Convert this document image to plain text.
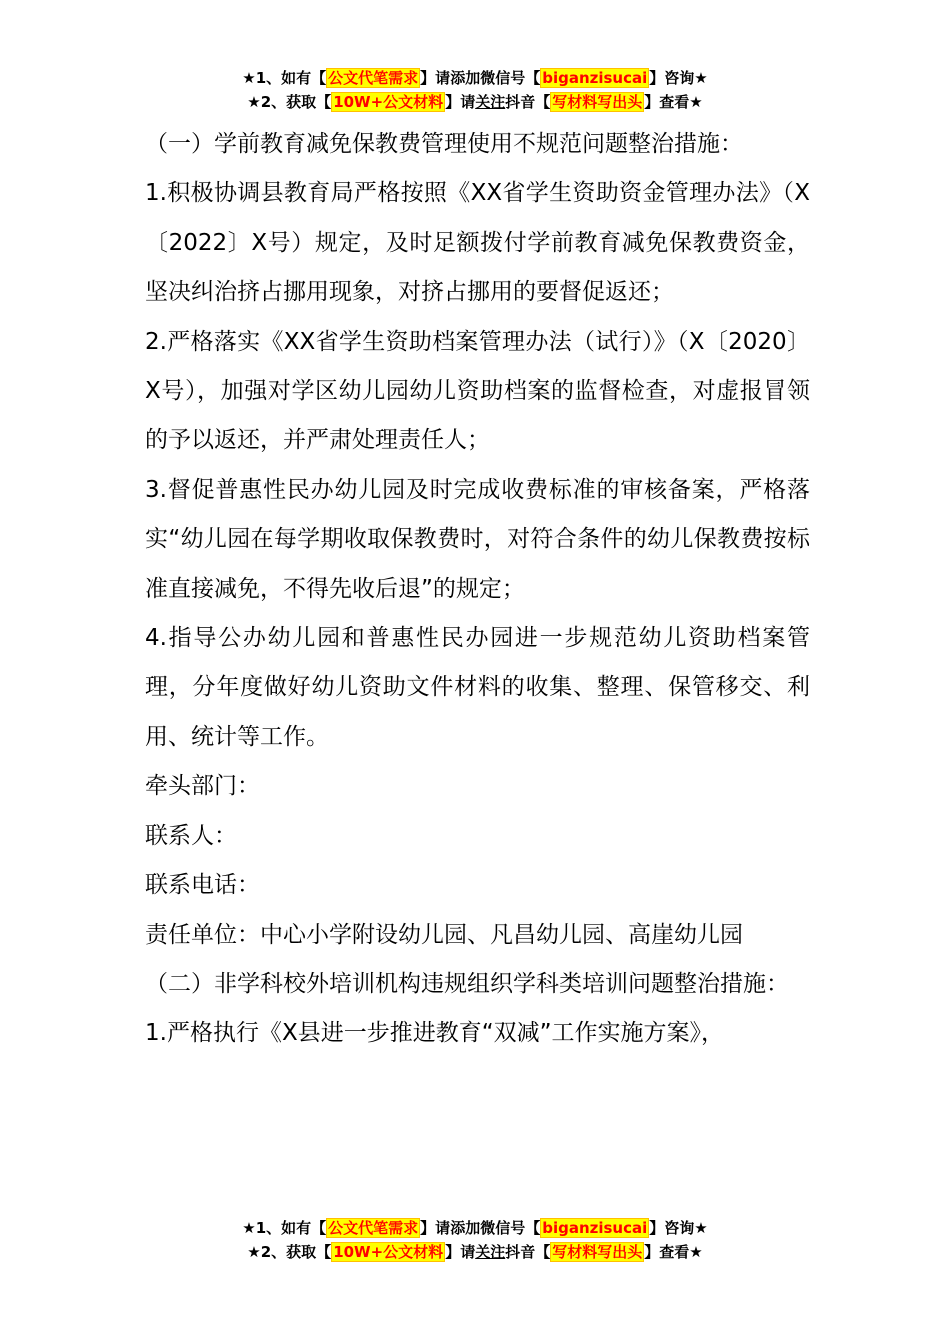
★1、如有【 公文代笔需求 】请添加微信号【 biganzisucai 】咨询★
★2、获取【 10W+公文材料 】请关注抖音【 写材料写出头 】查看★

（一）学前教育减免保教费管理使用不规范问题整治措施：

1.积极协调县教育局严格按照《XX省学生资助资金管理办法》（X〔2022〕X号）规定，及时足额拨付学前教育减免保教费资金，坚决纠治挤占挪用现象，对挤占挪用的要督促返还；

2.严格落实《XX省学生资助档案管理办法（试行）》（X〔2020〕X号），加强对学区幼儿园幼儿资助档案的监督检查，对虚报冒领的予以返还，并严肃处理责任人；

3.督促普惠性民办幼儿园及时完成收费标准的审核备案，严格落实“幼儿园在每学期收取保教费时，对符合条件的幼儿保教费按标准直接减免，不得先收后退”的规定；

4.指导公办幼儿园和普惠性民办园进一步规范幼儿资助档案管理，分年度做好幼儿资助文件材料的收集、整理、保管移交、利用、统计等工作。

牵头部门：

联系人：

联系电话：

责任单位：中心小学附设幼儿园、凡昌幼儿园、高崖幼儿园

（二）非学科校外培训机构违规组织学科类培训问题整治措施：

1.严格执行《X县进一步推进教育“双减”工作实施方案》，

★1、如有【 公文代笔需求 】请添加微信号【 biganzisucai 】咨询★
★2、获取【 10W+公文材料 】请关注抖音【 写材料写出头 】查看★
